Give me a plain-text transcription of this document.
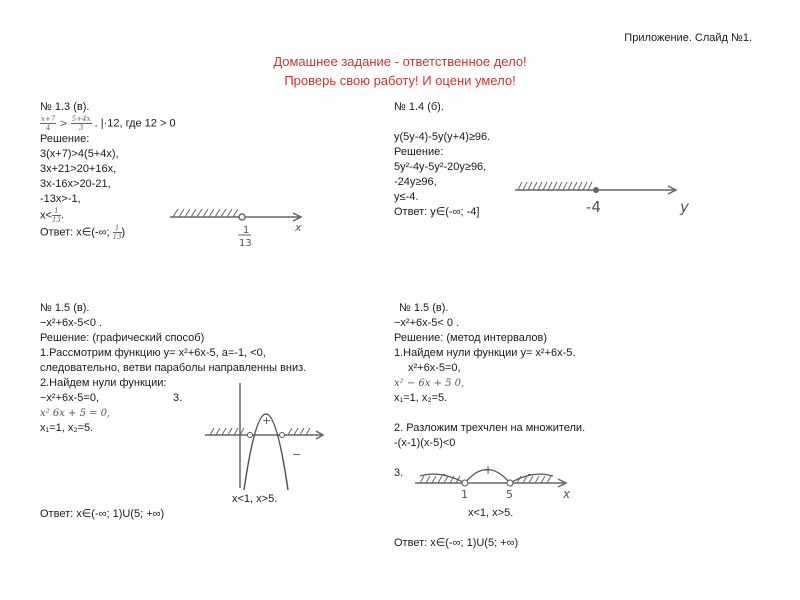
Приложение. Слайд №1.
Домашнее задание - ответственное дело!
Проверь свою работу! И оцени умело!
№ 1.3 (в).
$\frac{x+7}{4} > \frac{5+4x}{3}$ . |·12, где 12 > 0
Решение:
3(x+7)>4(5+4x),
3x+21>20+16x,
3x-16x>20-21,
-13x>-1,
$x< \frac{1}{13}$ .
Ответ: x∈(-∞; $\frac{1}{13}$ )	1
13
x
№ 1.4 (б).
y(5y-4)-5y(y+4)≥96.
Решение:
5y²-4y-5y²-20y≥96,
-24y≥96,
y≤-4.
Ответ: y∈(-∞; -4]	-4	y
№ 1.5 (в).
−x²+6x-5<0 .
Решение: (графический способ)
1.Рассмотрим функцию y= x²+6x-5, a=-1, <0,
следовательно, ветви параболы направленны вниз.
2.Найдем нули функции:
−x²+6x-5=0,	3.
x² 6x + 5 = 0,
x₁=1, x₂=5.
+
−
x<1, x>5.
Ответ: x∈(-∞; 1)U(5; +∞)
№ 1.5 (в).
−x²+6x-5< 0 .
Решение: (метод интервалов)
1.Найдем нули функции y= x²+6x-5.
x²+6x-5=0,
x² − 6x + 5 0,
x₁=1, x₂=5.
2. Разложим трехчлен на множители.
-(x-1)(x-5)<0
3.	−	+	−
1	5	x
x<1, x>5.
Ответ: x∈(-∞; 1)U(5; +∞)
